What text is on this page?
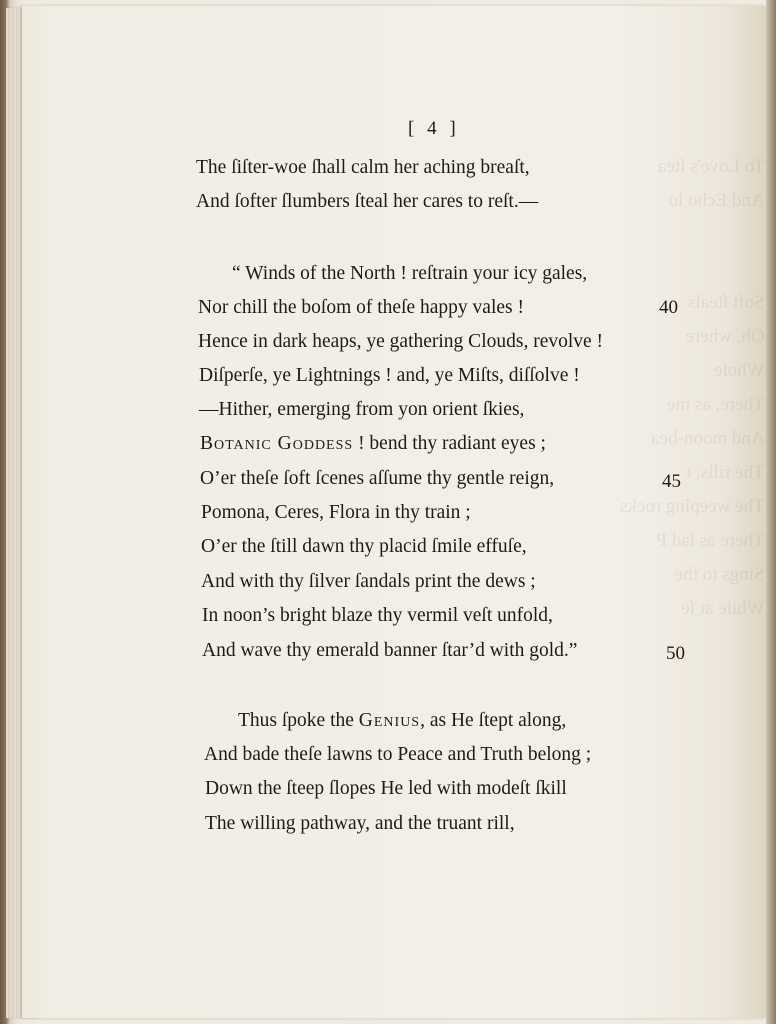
To Love's ſtea
And Echo lo

Soft ſteals
Oh, where
Whoſe
There, as me
And moon-bea
The rills, t
The weeping rocks
There as ſad P
Sings to the
While at ſe
[ 4 ]
The ſiſter-woe ſhall calm her aching breaſt,
And ſofter ſlumbers ſteal her cares to reſt.—
“ Winds of the North ! reſtrain your icy gales,
Nor chill the boſom of theſe happy vales !
Hence in dark heaps, ye gathering Clouds, revolve !
Diſperſe, ye Lightnings ! and, ye Miſts, diſſolve !
—Hither, emerging from yon orient ſkies,
Botanic Goddess ! bend thy radiant eyes ;
O’er theſe ſoft ſcenes aſſume thy gentle reign,
Pomona, Ceres, Flora in thy train ;
O’er the ſtill dawn thy placid ſmile effuſe,
And with thy ſilver ſandals print the dews ;
In noon’s bright blaze thy vermil veſt unfold,
And wave thy emerald banner ſtar’d with gold.”
Thus ſpoke the Genius, as He ſtept along,
And bade theſe lawns to Peace and Truth belong ;
Down the ſteep ſlopes He led with modeſt ſkill
The willing pathway, and the truant rill,
40
45
50
